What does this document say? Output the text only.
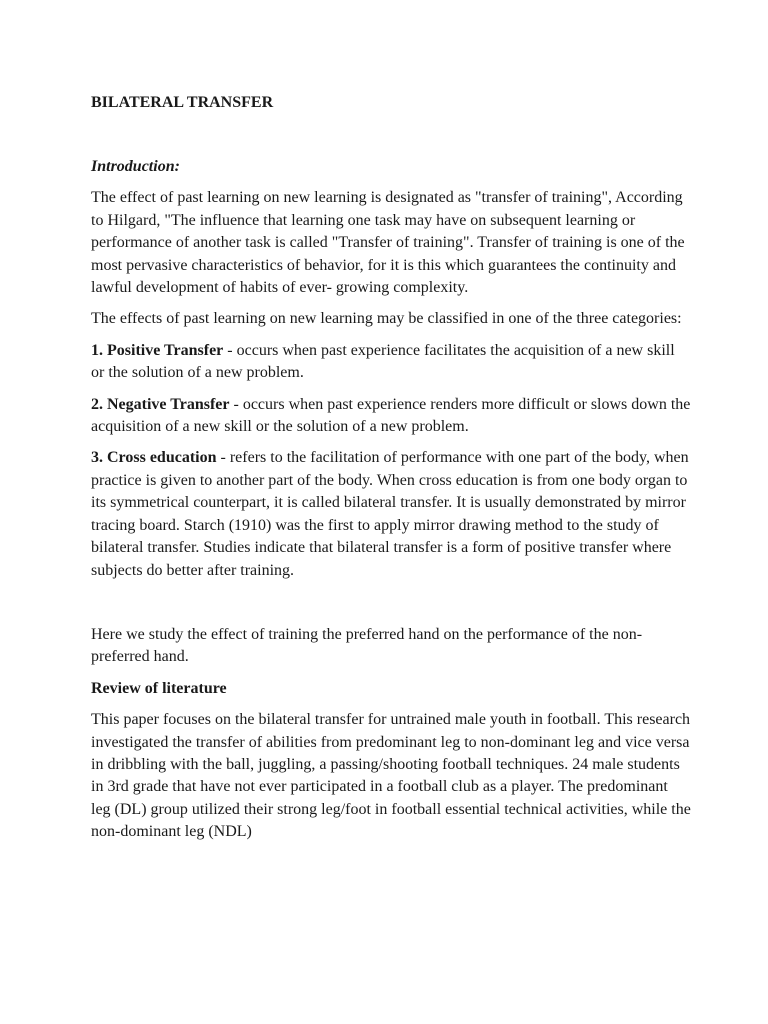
BILATERAL TRANSFER
Introduction:

The effect of past learning on new learning is designated as "transfer of training", According to Hilgard, "The influence that learning one task may have on subsequent learning or performance of another task is called "Transfer of training". Transfer of training is one of the most pervasive characteristics of behavior, for it is this which guarantees the continuity and lawful development of habits of ever- growing complexity.

The effects of past learning on new learning may be classified in one of the three categories:

1. Positive Transfer - occurs when past experience facilitates the acquisition of a new skill or the solution of a new problem.

2. Negative Transfer - occurs when past experience renders more difficult or slows down the acquisition of a new skill or the solution of a new problem.

3. Cross education - refers to the facilitation of performance with one part of the body, when practice is given to another part of the body. When cross education is from one body organ to its symmetrical counterpart, it is called bilateral transfer. It is usually demonstrated by mirror tracing board. Starch (1910) was the first to apply mirror drawing method to the study of bilateral transfer. Studies indicate that bilateral transfer is a form of positive transfer where subjects do better after training.

Here we study the effect of training the preferred hand on the performance of the non-preferred hand.

Review of literature

This paper focuses on the bilateral transfer for untrained male youth in football. This research investigated the transfer of abilities from predominant leg to non-dominant leg and vice versa in dribbling with the ball, juggling, a passing/shooting football techniques. 24 male students in 3rd grade that have not ever participated in a football club as a player. The predominant leg (DL) group utilized their strong leg/foot in football essential technical activities, while the non-dominant leg (NDL)
